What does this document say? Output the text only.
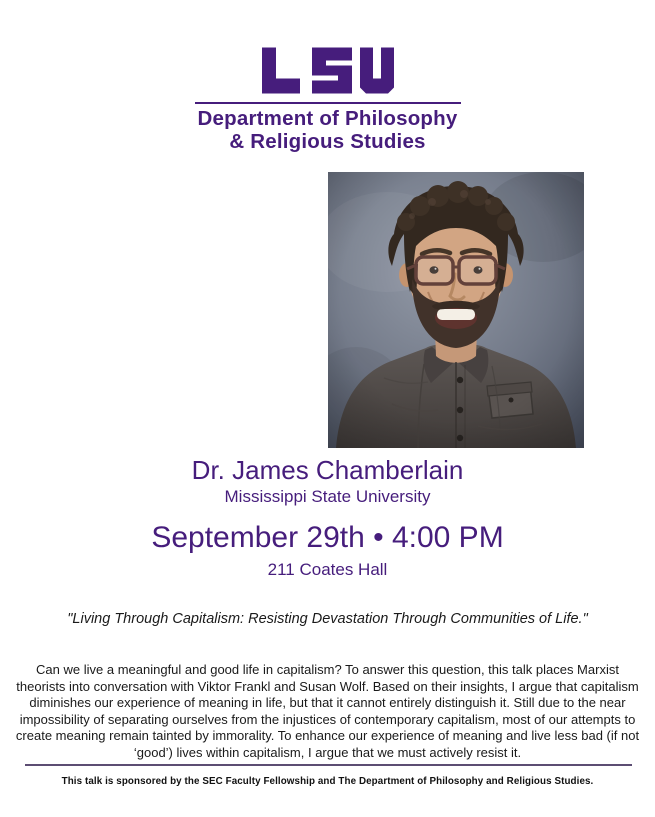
Department of Philosophy
& Religious Studies
Dr. James Chamberlain
Mississippi State University
September 29th • 4:00 PM
211 Coates Hall
"Living Through Capitalism: Resisting Devastation Through Communities of Life."

Can we live a meaningful and good life in capitalism? To answer this question, this talk places Marxist theorists into conversation with Viktor Frankl and Susan Wolf. Based on their insights, I argue that capitalism diminishes our experience of meaning in life, but that it cannot entirely distinguish it. Still due to the near impossibility of separating ourselves from the injustices of contemporary capitalism, most of our attempts to create meaning remain tainted by immorality. To enhance our experience of meaning and live less bad (if not ‘good’) lives within capitalism, I argue that we must actively resist it.

This talk is sponsored by the SEC Faculty Fellowship and The Department of Philosophy and Religious Studies.
